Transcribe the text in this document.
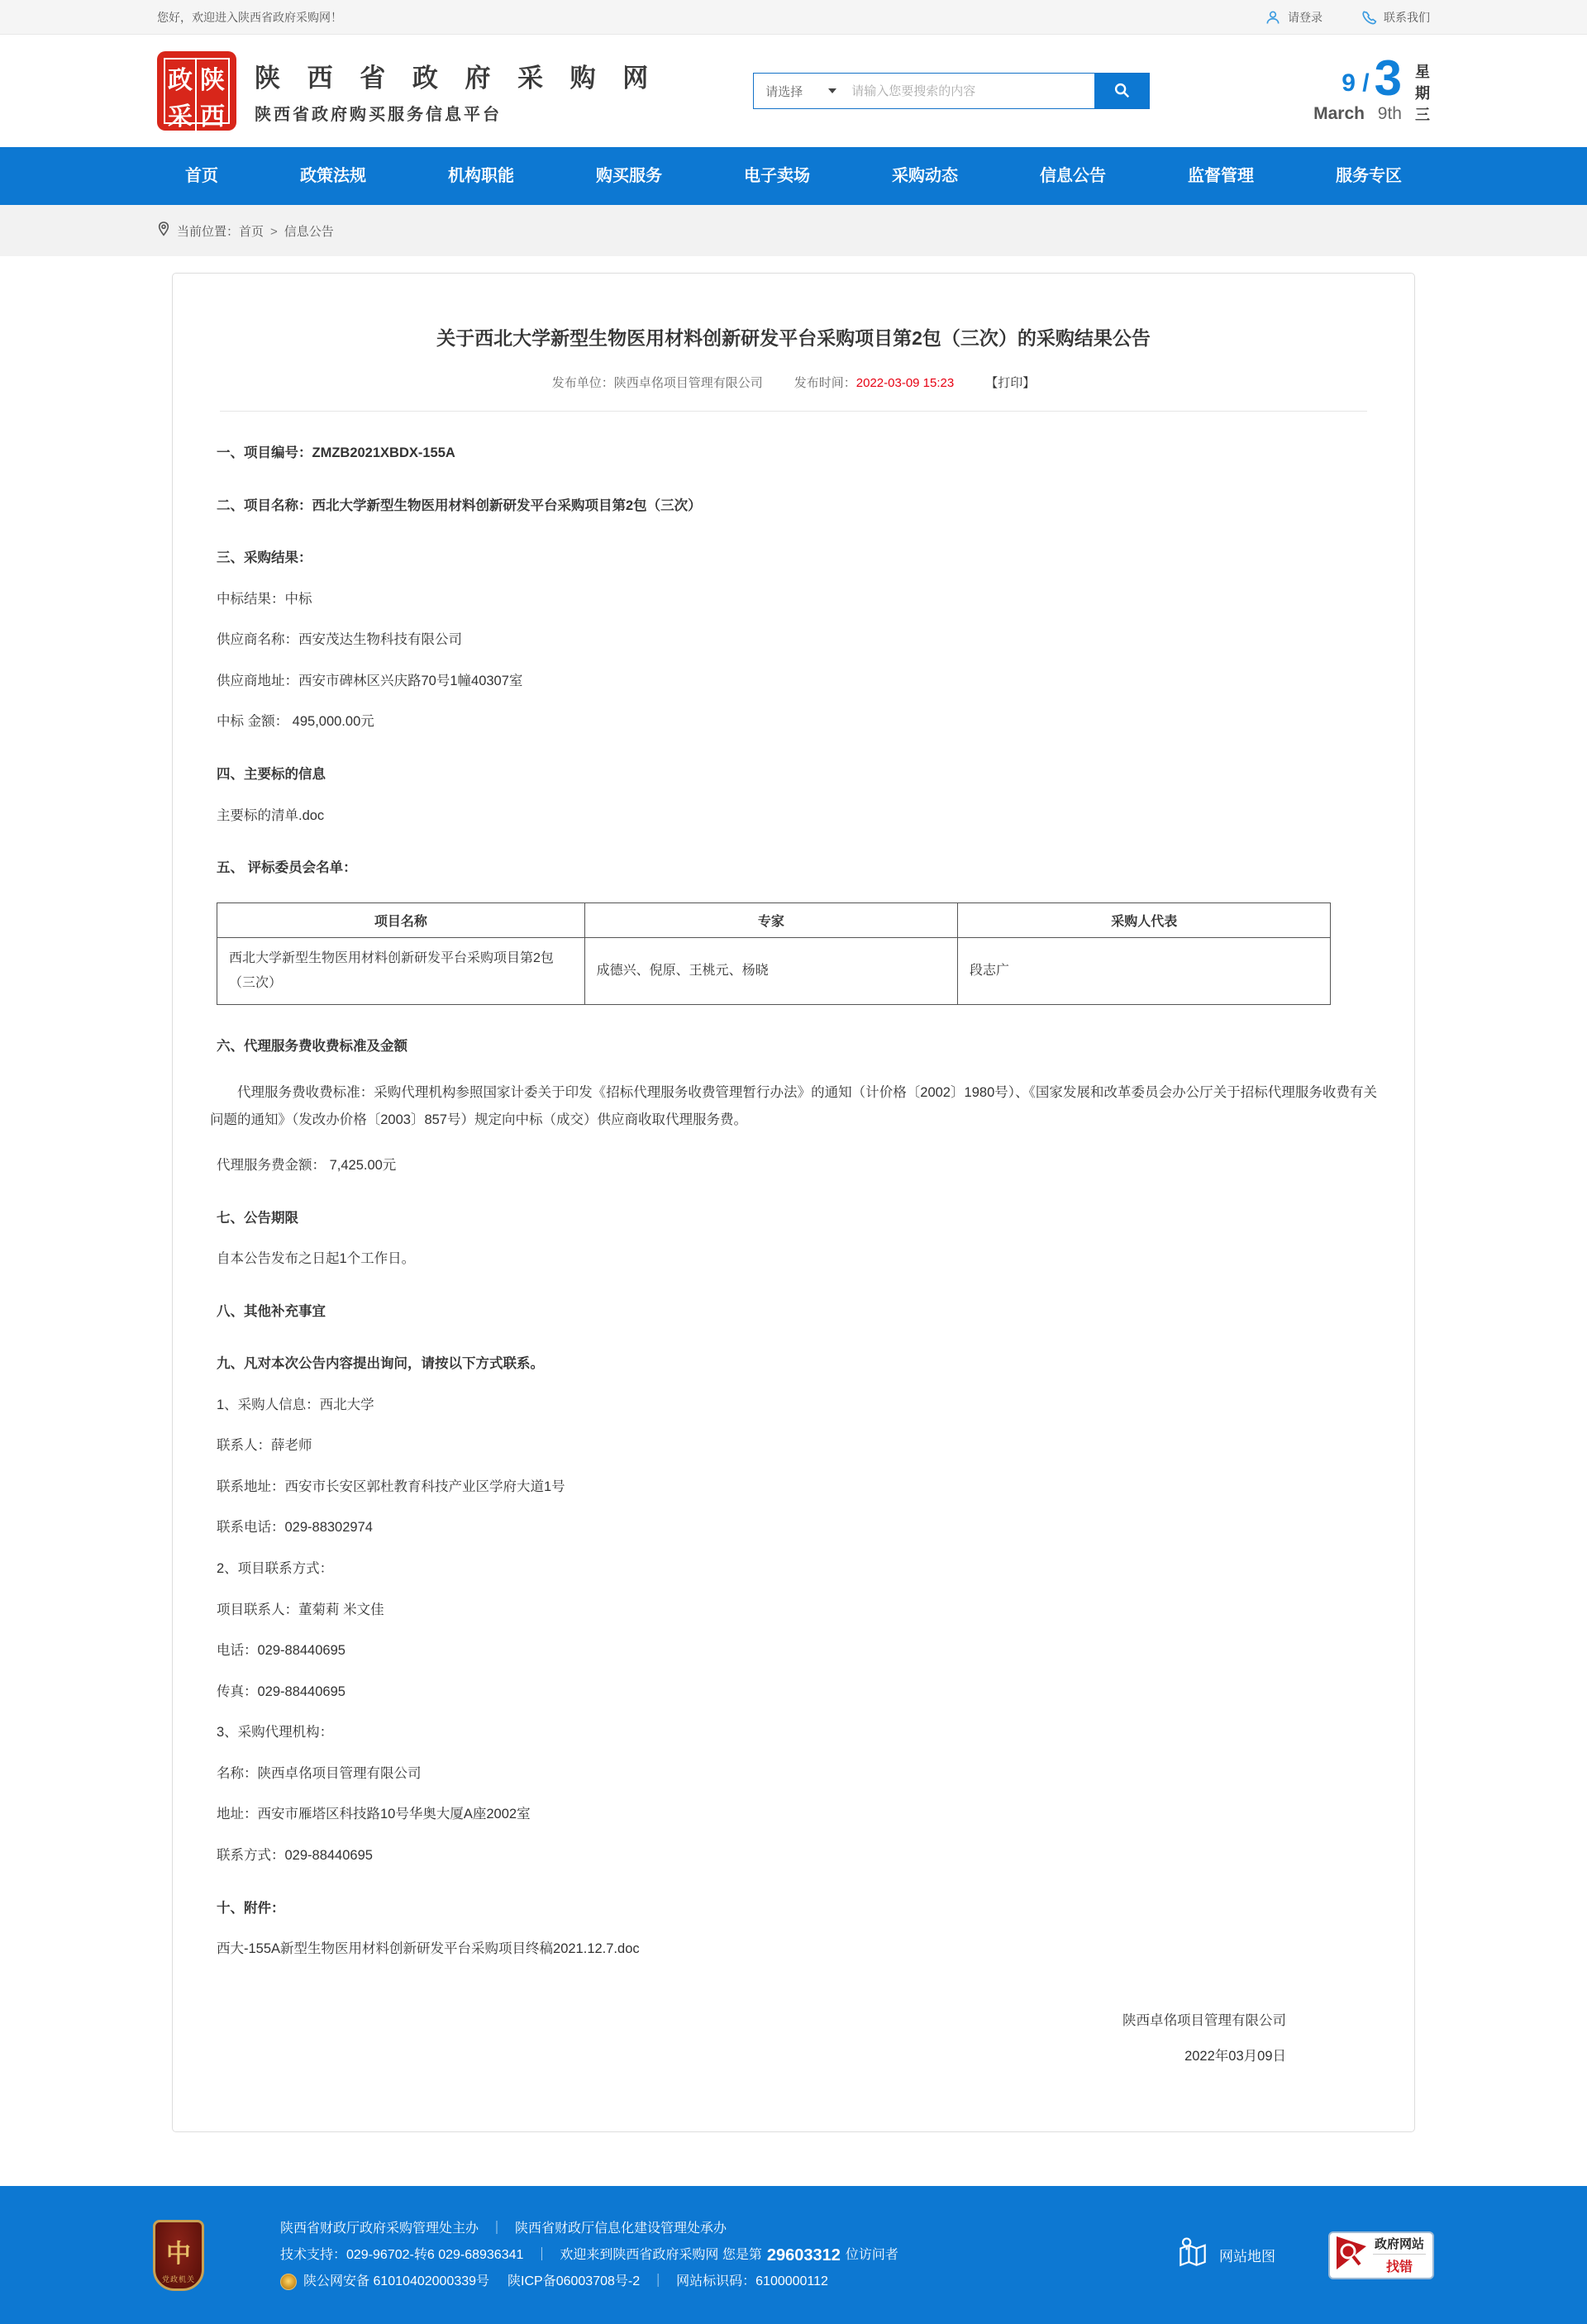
您好，欢迎进入陕西省政府采购网！	请登录	联系我们
政 陕
采 西
陕 西 省 政 府 采 购 网
陕西省政府购买服务信息平台
请选择
请输入您要搜索的内容	9 / 3
March 9th
星
期
三
首页	政策法规	机构职能	购买服务	电子卖场	采购动态	信息公告	监督管理	服务专区
当前位置： 首页 > 信息公告
关于西北大学新型生物医用材料创新研发平台采购项目第2包（三次）的采购结果公告
发布单位：陕西卓佲项目管理有限公司	发布时间：2022-03-09 15:23	【打印】
一、项目编号：ZMZB2021XBDX-155A
二、项目名称：西北大学新型生物医用材料创新研发平台采购项目第2包（三次）
三、采购结果：
中标结果：中标
供应商名称：西安茂达生物科技有限公司
供应商地址：西安市碑林区兴庆路70号1幢40307室
中标 金额： 495,000.00元
四、主要标的信息
主要标的清单.doc
五、 评标委员会名单：
项目名称	专家	采购人代表
西北大学新型生物医用材料创新研发平台采购项目第2包（三次）	成德兴、倪原、王桃元、杨晓	段志广
六、代理服务费收费标准及金额
代理服务费收费标准：采购代理机构参照国家计委关于印发《招标代理服务收费管理暂行办法》的通知（计价格〔2002〕1980号）、《国家发展和改革委员会办公厅关于招标代理服务收费有关问题的通知》（发改办价格〔2003〕857号）规定向中标（成交）供应商收取代理服务费。
代理服务费金额： 7,425.00元
七、公告期限
自本公告发布之日起1个工作日。
八、其他补充事宜
九、凡对本次公告内容提出询问，请按以下方式联系。
1、采购人信息：西北大学
联系人：薛老师
联系地址：西安市长安区郭杜教育科技产业区学府大道1号
联系电话：029-88302974
2、项目联系方式：
项目联系人：董菊莉 米文佳
电话：029-88440695
传真：029-88440695
3、采购代理机构：
名称：陕西卓佲项目管理有限公司
地址：西安市雁塔区科技路10号华奥大厦A座2002室
联系方式：029-88440695
十、附件：
西大-155A新型生物医用材料创新研发平台采购项目终稿2021.12.7.doc
陕西卓佲项目管理有限公司
2022年03月09日
中
党政机关
陕西省财政厅政府采购管理处主办 ｜ 陕西省财政厅信息化建设管理处承办
技术支持：029-96702-转6 029-68936341 ｜ 欢迎来到陕西省政府采购网 您是第 29603312 位访问者
陕公网安备 61010402000339号 陕ICP备06003708号-2 ｜ 网站标识码：6100000112
网站地图
政府网站
找错
